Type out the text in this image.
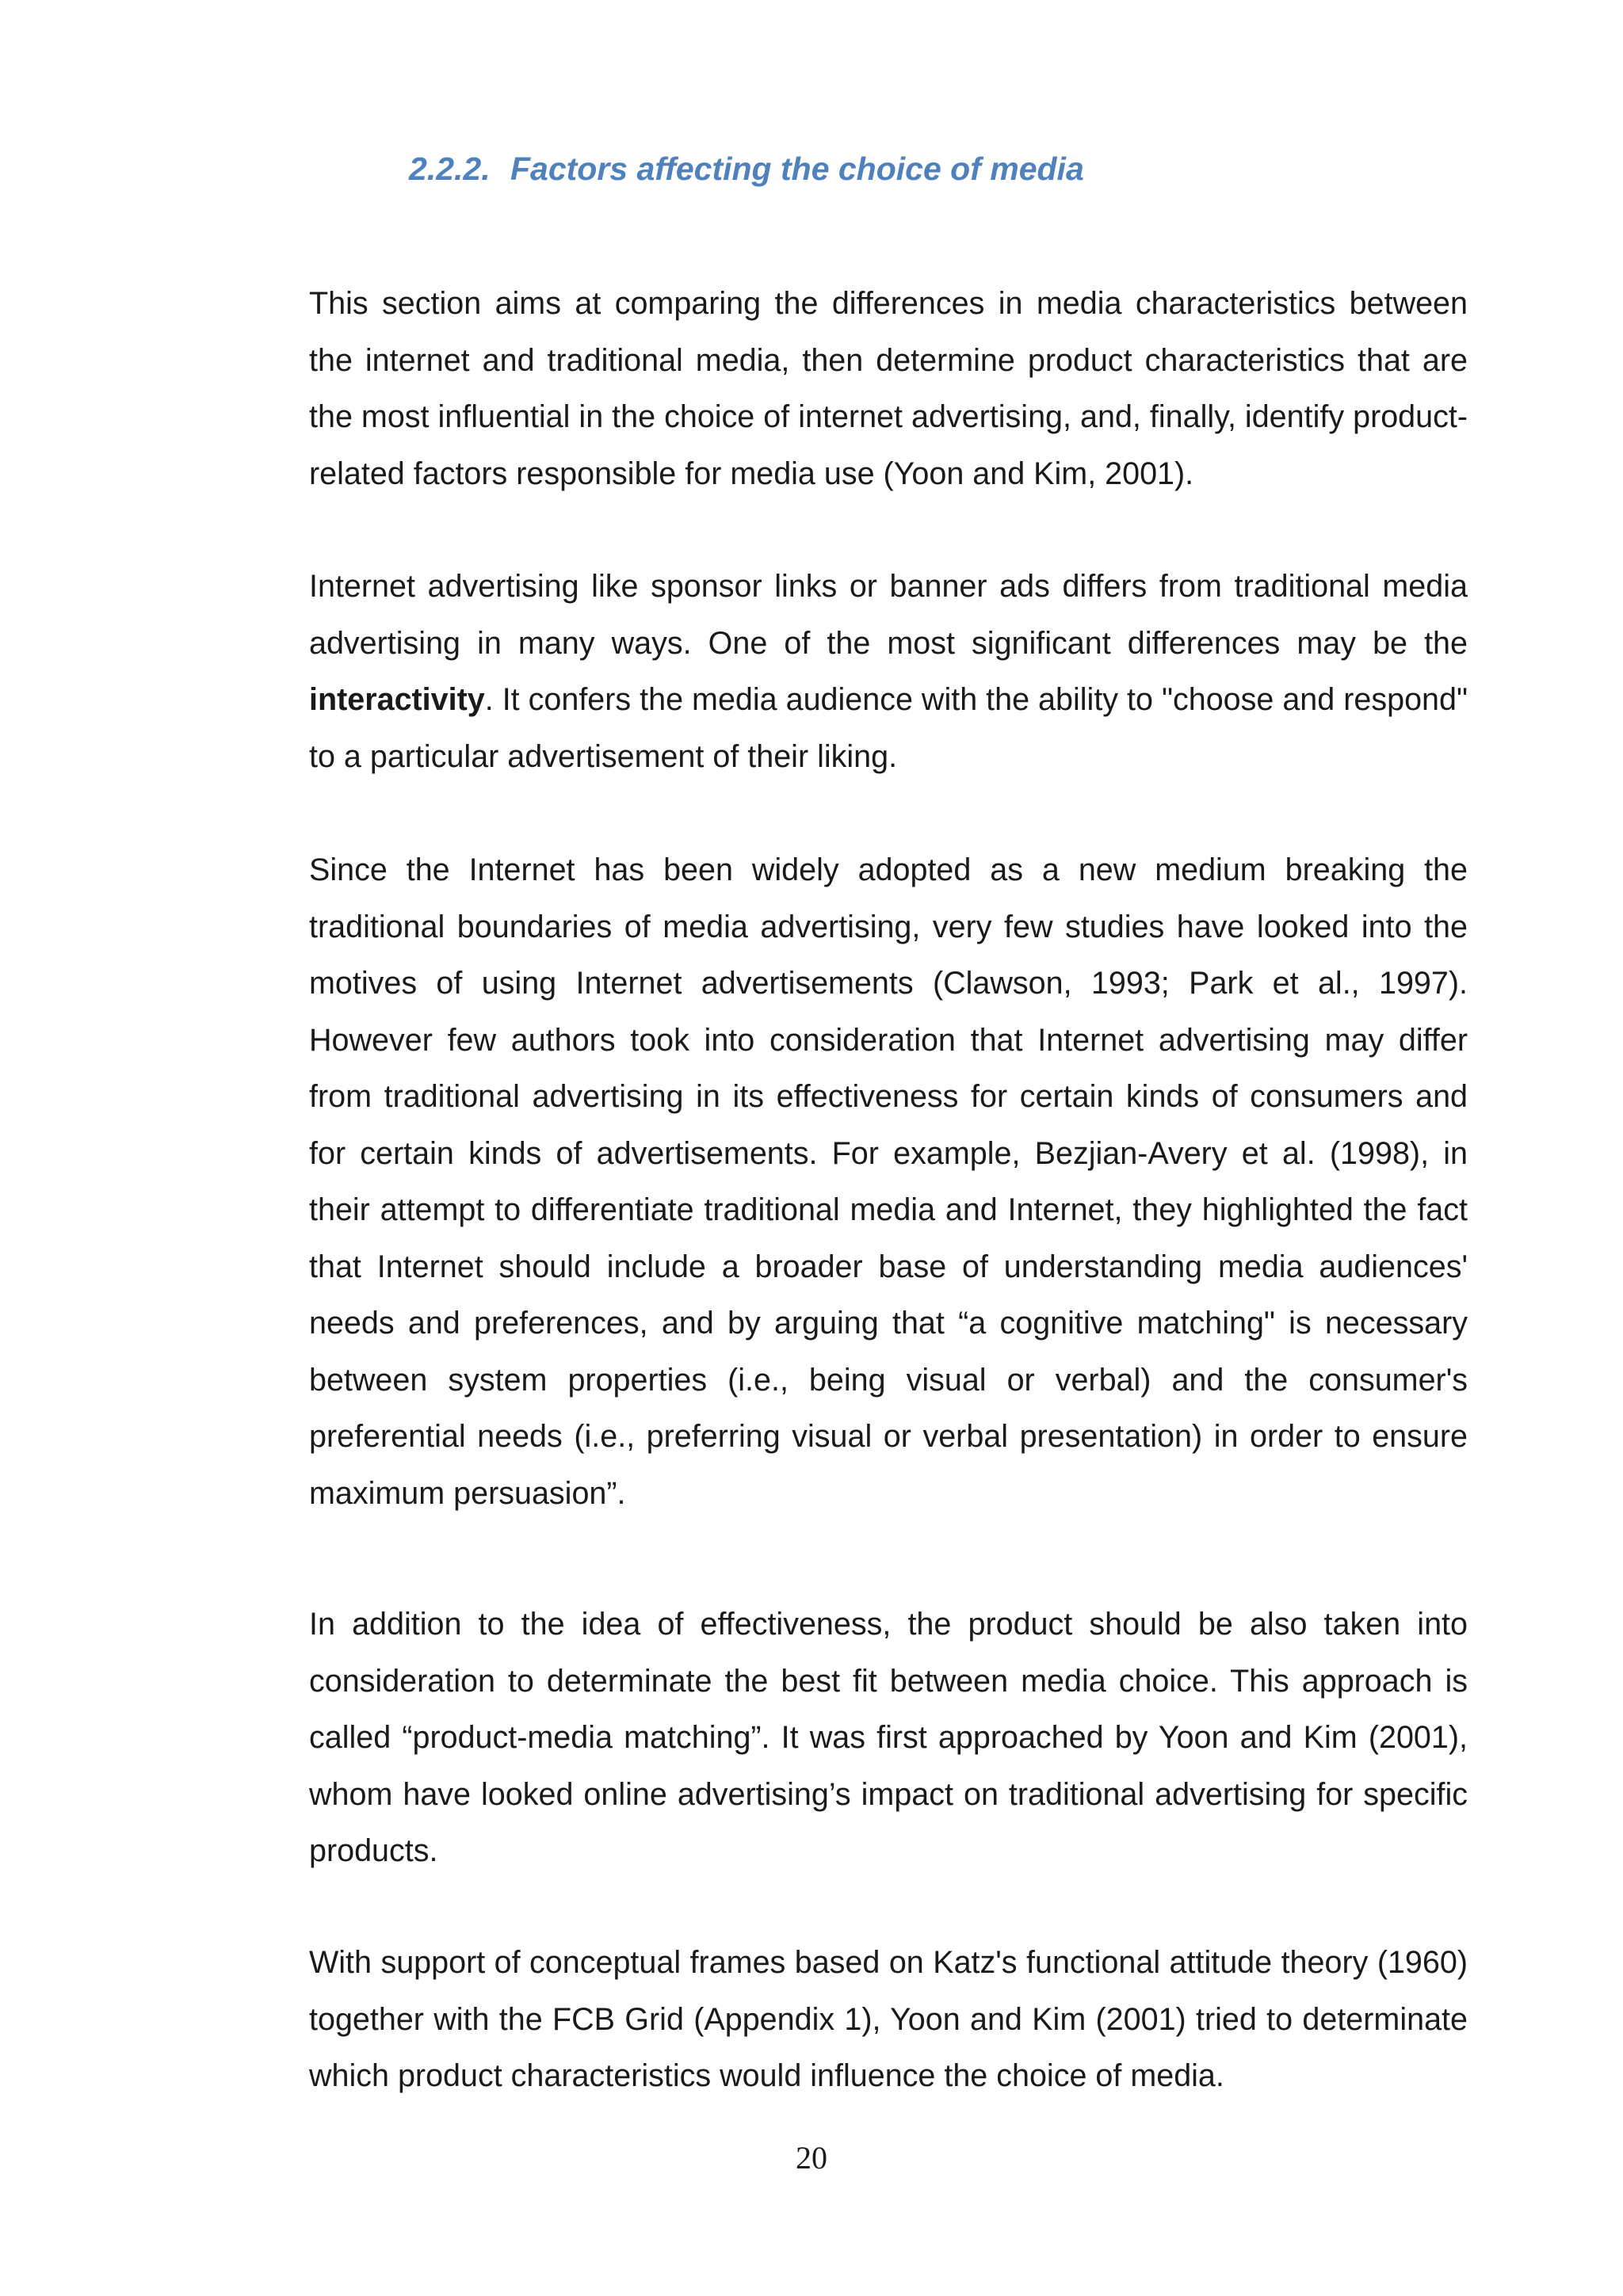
2.2.2. Factors affecting the choice of media

This section aims at comparing the differences in media characteristics between the internet and traditional media, then determine product characteristics that are the most influential in the choice of internet advertising, and, finally, identify product-related factors responsible for media use (Yoon and Kim, 2001).

Internet advertising like sponsor links or banner ads differs from traditional media advertising in many ways. One of the most significant differences may be the interactivity. It confers the media audience with the ability to "choose and respond" to a particular advertisement of their liking.

Since the Internet has been widely adopted as a new medium breaking the traditional boundaries of media advertising, very few studies have looked into the motives of using Internet advertisements (Clawson, 1993; Park et al., 1997). However few authors took into consideration that Internet advertising may differ from traditional advertising in its effectiveness for certain kinds of consumers and for certain kinds of advertisements. For example, Bezjian-Avery et al. (1998), in their attempt to differentiate traditional media and Internet, they highlighted the fact that Internet should include a broader base of understanding media audiences' needs and preferences, and by arguing that “a cognitive matching" is necessary between system properties (i.e., being visual or verbal) and the consumer's preferential needs (i.e., preferring visual or verbal presentation) in order to ensure maximum persuasion”.

In addition to the idea of effectiveness, the product should be also taken into consideration to determinate the best fit between media choice. This approach is called “product-media matching”. It was first approached by Yoon and Kim (2001), whom have looked online advertising’s impact on traditional advertising for specific products.

With support of conceptual frames based on Katz's functional attitude theory (1960) together with the FCB Grid (Appendix 1), Yoon and Kim (2001) tried to determinate which product characteristics would influence the choice of media.

20
